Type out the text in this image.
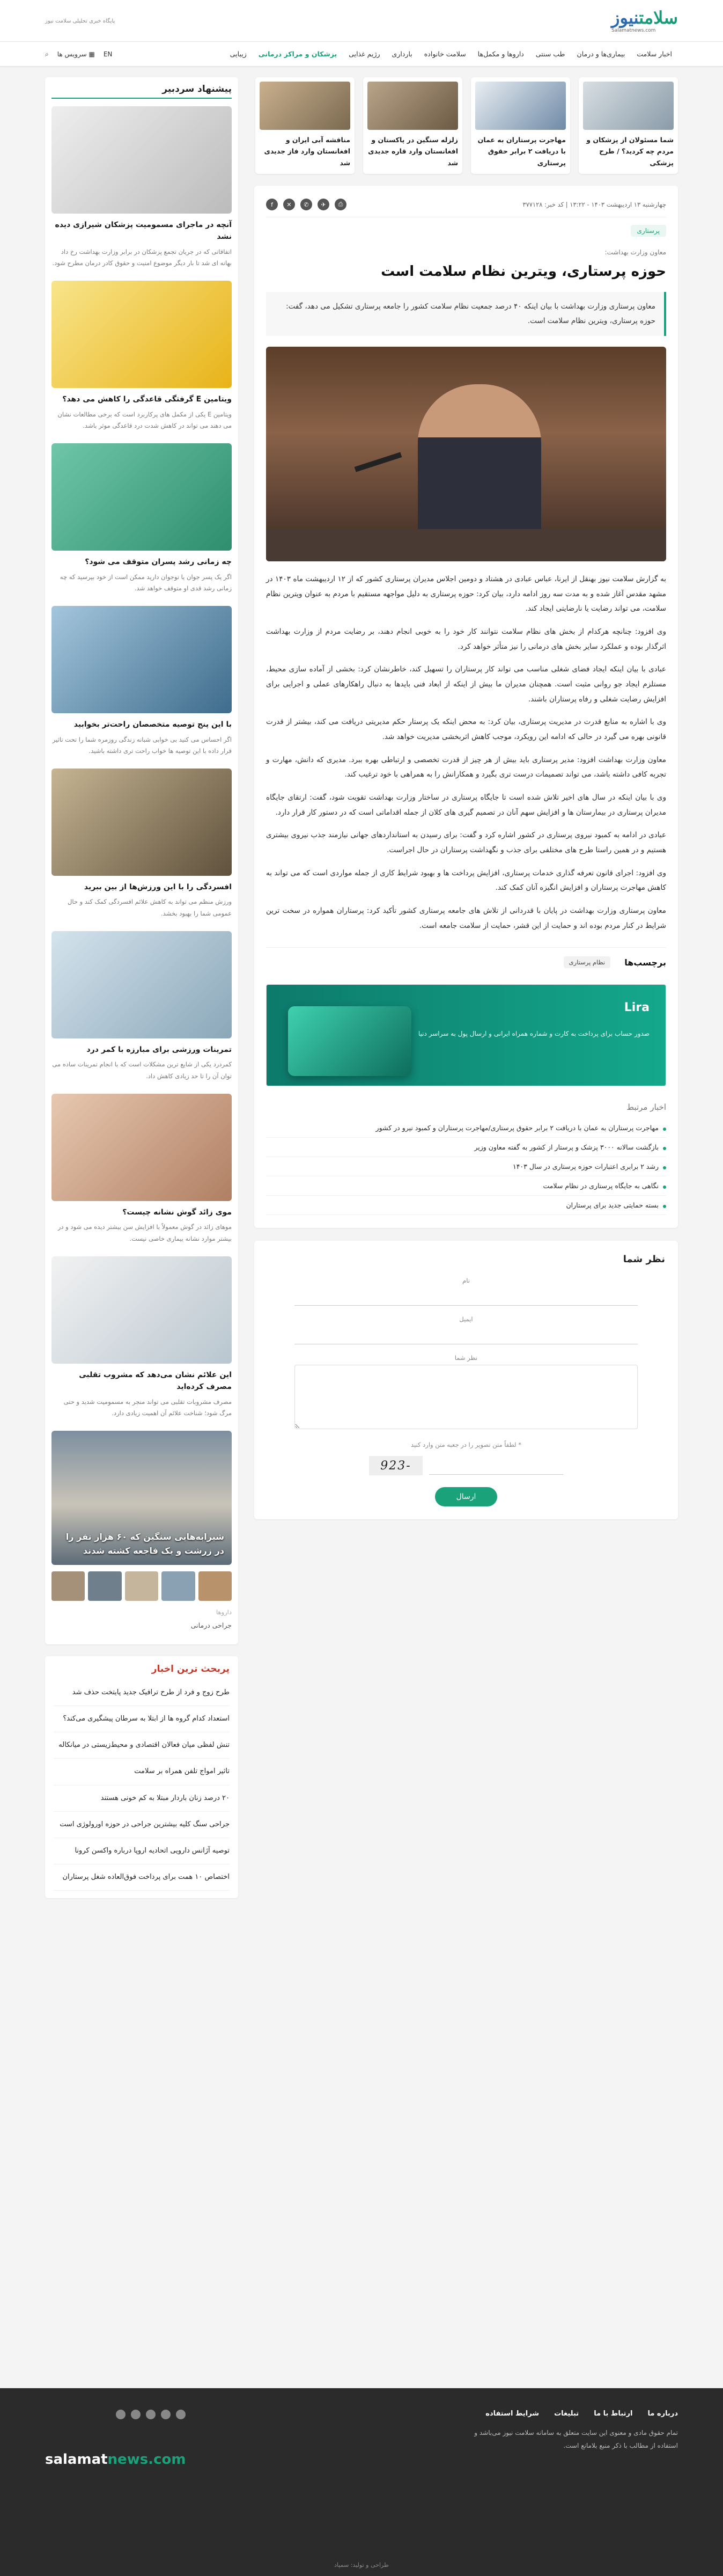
سلامتنیوز
Salamatnews.com
پایگاه خبری تحلیلی سلامت نیوز
اخبار سلامت
بیماری‌ها و درمان
طب سنتی
داروها و مکمل‌ها
سلامت خانواده
بارداری
رژیم غذایی
پزشکان و مراکز درمانی
زیبایی
EN
▦ سرویس ها
⌕
شما مسئولان از پزشکان و مردم چه کردید؟ / طرح پزشکی
مهاجرت پرستاران به عمان با دریافت ۲ برابر حقوق پرستاری
زلزله سنگین در پاکستان و افغانستان وارد قاره جدیدی شد
مناقشه آبی ایران و افغانستان وارد فاز جدیدی شد
چهارشنبه ۱۳ اردیبهشت ۱۴۰۳ - ۱۳:۲۲ | کد خبر: ۳۷۷۱۲۸
⎙
✈
✆
✕
f
پرستاری
معاون وزارت بهداشت:
حوزه پرستاری، ویترین نظام سلامت است
معاون پرستاری وزارت بهداشت با بیان اینکه ۴۰ درصد جمعیت نظام سلامت کشور را جامعه پرستاری تشکیل می دهد، گفت: حوزه پرستاری، ویترین نظام سلامت است.

به گزارش سلامت نیوز بهنقل از ایرنا، عباس عبادی در هشتاد و دومین اجلاس مدیران پرستاری کشور که از ۱۲ اردیبهشت ماه ۱۴۰۳ در مشهد مقدس آغاز شده و به مدت سه روز ادامه دارد، بیان کرد: حوزه پرستاری به دلیل مواجهه مستقیم با مردم به عنوان ویترین نظام سلامت، می تواند رضایت یا نارضایتی ایجاد کند.

وی افزود: چنانچه هرکدام از بخش های نظام سلامت نتوانند کار خود را به خوبی انجام دهند، بر رضایت مردم از وزارت بهداشت اثرگذار بوده و عملکرد سایر بخش های درمانی را نیز متأثر خواهد کرد.

عبادی با بیان اینکه ایجاد فضای شغلی مناسب می تواند کار پرستاران را تسهیل کند، خاطرنشان کرد: بخشی از آماده سازی محیط، مستلزم ایجاد جو روانی مثبت است. همچنان مدیران ما بیش از اینکه از ابعاد فنی بایدها به دنبال راهکارهای عملی و اجرایی برای افزایش رضایت شغلی و رفاه پرستاران باشند.

وی با اشاره به منابع قدرت در مدیریت پرستاری، بیان کرد: به محض اینکه یک پرستار حکم مدیریتی دریافت می کند، بیشتر از قدرت قانونی بهره می گیرد در حالی که ادامه این رویکرد، موجب کاهش اثربخشی مدیریت خواهد شد.

معاون وزارت بهداشت افزود: مدیر پرستاری باید بیش از هر چیز از قدرت تخصصی و ارتباطی بهره ببرد. مدیری که دانش، مهارت و تجربه کافی داشته باشد، می تواند تصمیمات درست تری بگیرد و همکارانش را به همراهی با خود ترغیب کند.

وی با بیان اینکه در سال های اخیر تلاش شده است تا جایگاه پرستاری در ساختار وزارت بهداشت تقویت شود، گفت: ارتقای جایگاه مدیران پرستاری در بیمارستان ها و افزایش سهم آنان در تصمیم گیری های کلان از جمله اقداماتی است که در دستور کار قرار دارد.

عبادی در ادامه به کمبود نیروی پرستاری در کشور اشاره کرد و گفت: برای رسیدن به استانداردهای جهانی نیازمند جذب نیروی بیشتری هستیم و در همین راستا طرح های مختلفی برای جذب و نگهداشت پرستاران در حال اجراست.

وی افزود: اجرای قانون تعرفه گذاری خدمات پرستاری، افزایش پرداخت ها و بهبود شرایط کاری از جمله مواردی است که می تواند به کاهش مهاجرت پرستاران و افزایش انگیزه آنان کمک کند.

معاون پرستاری وزارت بهداشت در پایان با قدردانی از تلاش های جامعه پرستاری کشور تأکید کرد: پرستاران همواره در سخت ترین شرایط در کنار مردم بوده اند و حمایت از این قشر، حمایت از سلامت جامعه است.

برچسب‌ها
نظام پرستاری
Lira
صدور حساب برای پرداخت به کارت و شماره همراه ایرانی و ارسال پول به سراسر دنیا
اخبار مرتبط
مهاجرت پرستاران به عمان با دریافت ۲ برابر حقوق پرستاری/مهاجرت پرستاران و کمبود نیرو در کشور
بازگشت سالانه ۳۰۰۰ پزشک و پرستار از کشور به گفته معاون وزیر
رشد ۲ برابری اعتبارات حوزه پرستاری در سال ۱۴۰۳
نگاهی به جایگاه پرستاری در نظام سلامت
بسته حمایتی جدید برای پرستاران
نظر شما
نام
ایمیل
نظر شما
* لطفاً متن تصویر را در جعبه متن وارد کنید
-923
ارسال
پیشنهاد سردبیر
آنچه در ماجرای مسمومیت پزشکان شیرازی دیده نشد
اتفاقاتی که در جریان تجمع پزشکان در برابر وزارت بهداشت رخ داد بهانه ای شد تا بار دیگر موضوع امنیت و حقوق کادر درمان مطرح شود.
ویتامین E گرفتگی قاعدگی را کاهش می دهد؟
ویتامین E یکی از مکمل های پرکاربرد است که برخی مطالعات نشان می دهند می تواند در کاهش شدت درد قاعدگی موثر باشد.
چه زمانی رشد پسران متوقف می شود؟
اگر یک پسر جوان یا نوجوان دارید ممکن است از خود بپرسید که چه زمانی رشد قدی او متوقف خواهد شد.
با این پنج توصیه متخصصان راحت‌تر بخوابید
اگر احساس می کنید بی خوابی شبانه زندگی روزمره شما را تحت تاثیر قرار داده با این توصیه ها خواب راحت تری داشته باشید.
افسردگی را با این ورزش‌ها از بین ببرید
ورزش منظم می تواند به کاهش علائم افسردگی کمک کند و حال عمومی شما را بهبود بخشد.
تمرینات ورزشی برای مبارزه با کمر درد
کمردرد یکی از شایع ترین مشکلات است که با انجام تمرینات ساده می توان آن را تا حد زیادی کاهش داد.
موی زائد گوش نشانه چیست؟
موهای زائد در گوش معمولاً با افزایش سن بیشتر دیده می شود و در بیشتر موارد نشانه بیماری خاصی نیست.
این علائم نشان می‌دهد که مشروب تقلبی مصرف کرده‌اید
مصرف مشروبات تقلبی می تواند منجر به مسمومیت شدید و حتی مرگ شود؛ شناخت علائم آن اهمیت زیادی دارد.
شیرابه‌هایی سنگین که ۶۰ هزار نفر را در زرشت و یک فاجعه کشته شدند
داروها
جراحی درمانی
پربحث ترین اخبار
طرح زوج و فرد از طرح ترافیک جدید پایتخت حذف شد
استعداد کدام گروه ها از ابتلا به سرطان پیشگیری می‌کند؟
تنش لفظی میان فعالان اقتصادی و محیط‌زیستی در میانکاله
تاثیر امواج تلفن همراه بر سلامت
۲۰ درصد زنان باردار مبتلا به کم خونی هستند
جراحی سنگ کلیه بیشترین جراحی در حوزه اورولوژی است
توصیه آژانس دارویی اتحادیه اروپا درباره واکسن کرونا
اختصاص ۱۰ همت برای پرداخت فوق‌العاده شغل پرستاران
درباره ما
ارتباط با ما
تبلیغات
شرایط استفاده
تمام حقوق مادی و معنوی این سایت متعلق به سامانه سلامت نیوز می‌باشد و استفاده از مطالب با ذکر منبع بلامانع است.
salamatnews.com
طراحی و تولید: سمپاد
